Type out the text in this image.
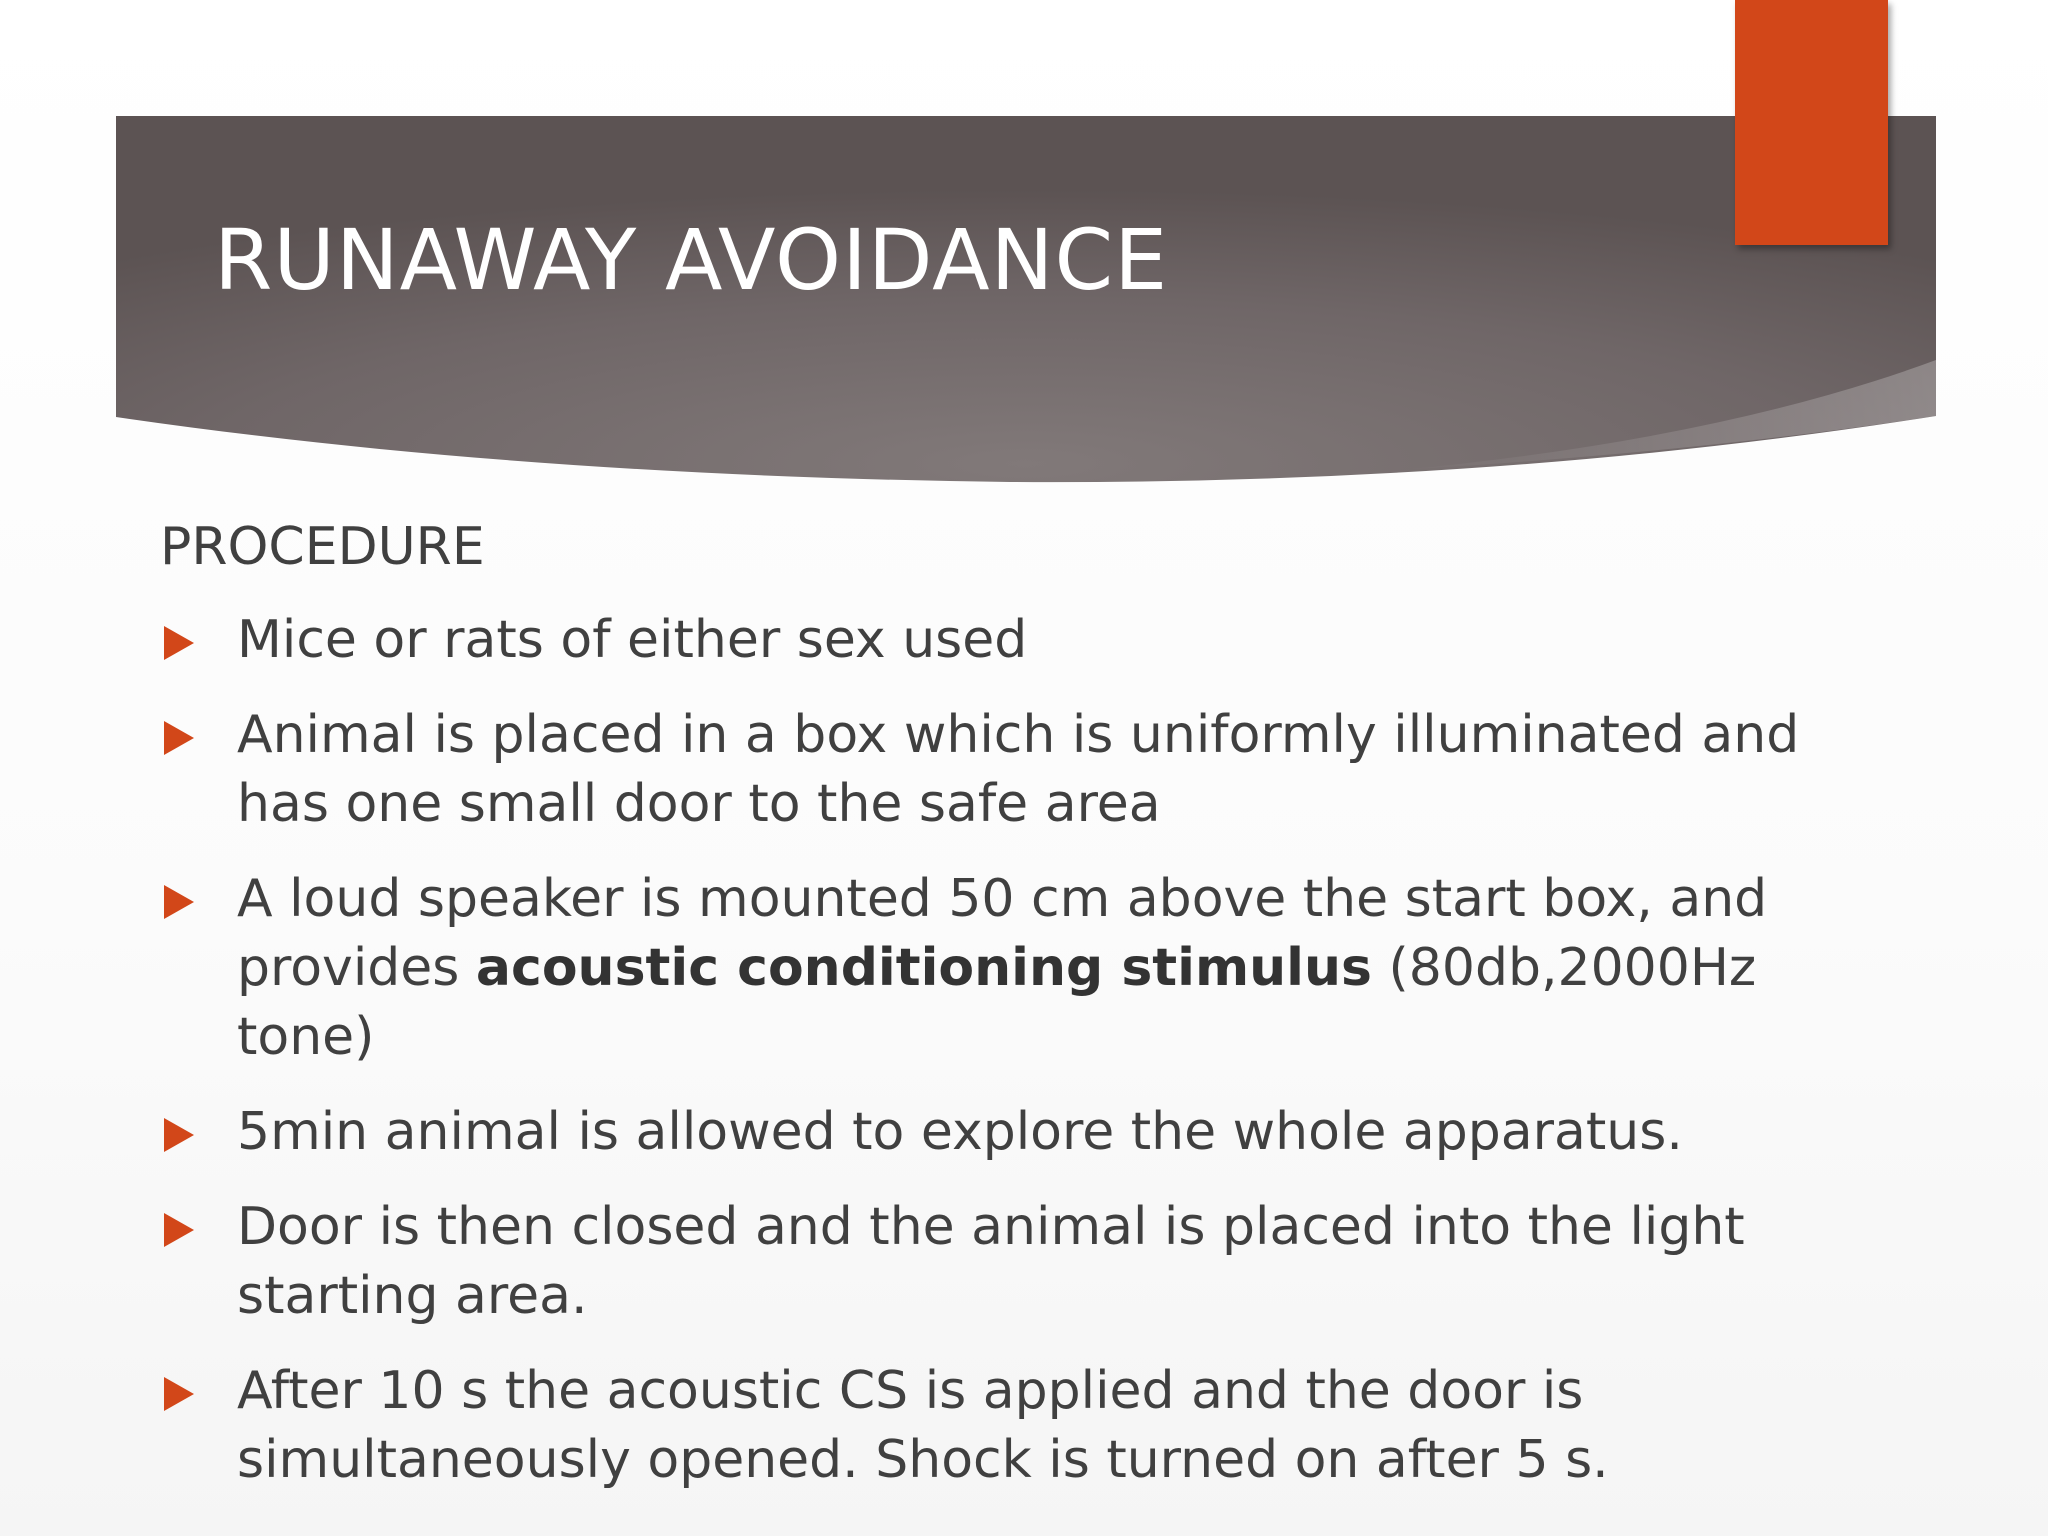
RUNAWAY AVOIDANCE
PROCEDURE
Mice or rats of either sex used
Animal is placed in a box which is uniformly illuminated and has one small door to the safe area
A loud speaker is mounted 50 cm above the start box, and provides acoustic conditioning stimulus (80db,2000Hz tone)
5min animal is allowed to explore the whole apparatus.
Door is then closed and the animal is placed into the light starting area.
After 10 s the acoustic CS is applied and the door is simultaneously opened. Shock is turned on after 5 s.
